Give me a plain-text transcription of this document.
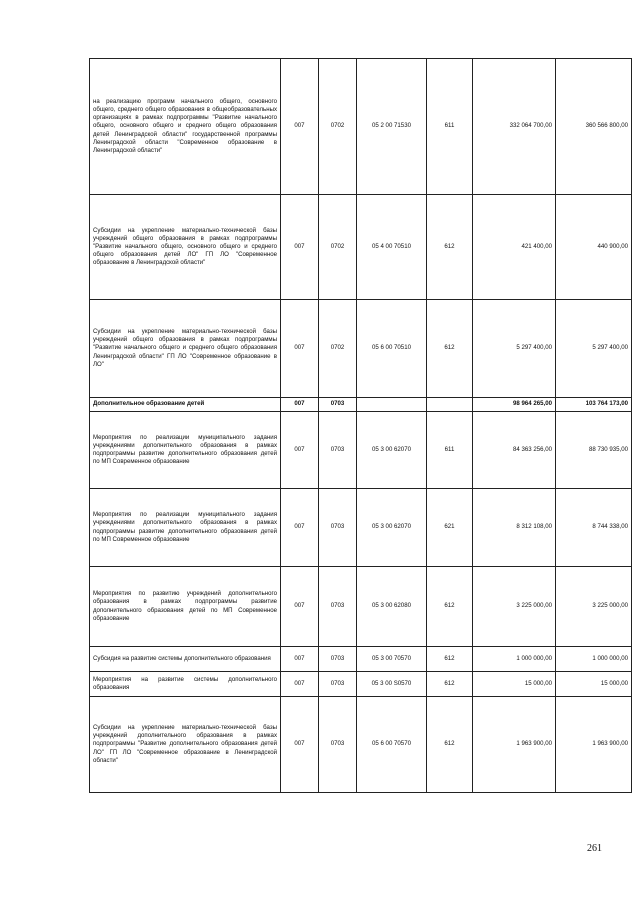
на реализацию программ начального общего, основного общего, среднего общего образования в общеобразовательных организациях в рамках подпрограммы "Развитие начального общего, основного общего и среднего общего образования детей Ленинградской области" государственной программы Ленинградской области "Современное образование в Ленинградской области"	007	0702	05 2 00 71530	611	332 064 700,00	360 566 800,00
Субсидии на укрепление материально-технической базы учреждений общего образования в рамках подпрограммы "Развитие начального общего, основного общего и среднего общего образования детей ЛО" ГП ЛО "Современное образование в Ленинградской области"	007	0702	05 4 00 70510	612	421 400,00	440 900,00
Субсидии на укрепление материально-технической базы учреждений общего образования в рамках подпрограммы "Развитие начального общего и среднего общего образования Ленинградской области" ГП ЛО "Современное образование в ЛО"	007	0702	05 6 00 70510	612	5 297 400,00	5 297 400,00
Дополнительное образование детей	007	0703			98 964 265,00	103 764 173,00
Мероприятия по реализации муниципального задания учреждениями дополнительного образования в рамках подпрограммы развитие дополнительного образования детей по МП Современное образование	007	0703	05 3 00 62070	611	84 363 256,00	88 730 935,00
Мероприятия по реализации муниципального задания учреждениями дополнительного образования в рамках подпрограммы развитие дополнительного образования детей по МП Современное образование	007	0703	05 3 00 62070	621	8 312 108,00	8 744 338,00
Мероприятия по развитию учреждений дополнительного образования в рамках подпрограммы развитие дополнительного образования детей по МП Современное образование	007	0703	05 3 00 62080	612	3 225 000,00	3 225 000,00
Субсидия на развитие системы дополнительного образования	007	0703	05 3 00 70570	612	1 000 000,00	1 000 000,00
Мероприятия на развитие системы дополнительного образования	007	0703	05 3 00 S0570	612	15 000,00	15 000,00
Субсидии на укрепление материально-технической базы учреждений дополнительного образования в рамках подпрограммы "Развитие дополнительного образования детей ЛО" ГП ЛО "Современное образование в Ленинградской области"	007	0703	05 6 00 70570	612	1 963 900,00	1 963 900,00
261
